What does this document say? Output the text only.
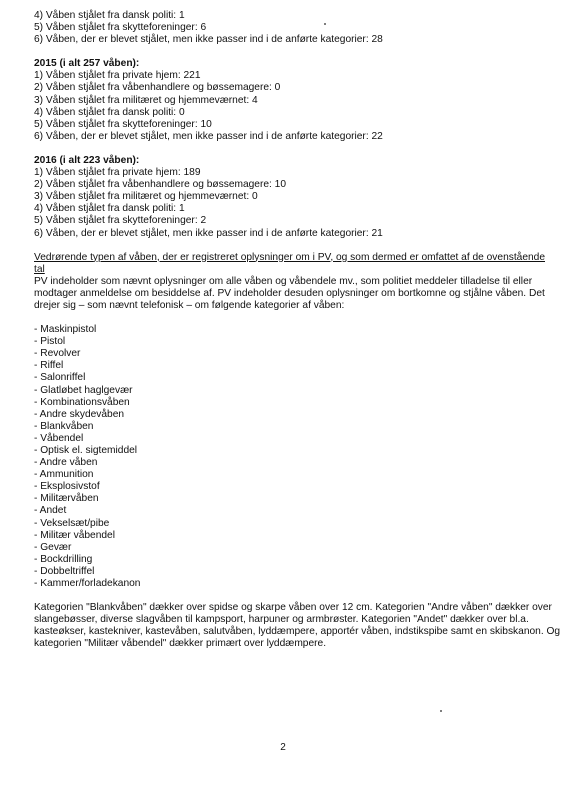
4) Våben stjålet fra dansk politi: 1
5) Våben stjålet fra skytteforeninger: 6
6) Våben, der er blevet stjålet, men ikke passer ind i de anførte kategorier: 28
2015 (i alt 257 våben):
1) Våben stjålet fra private hjem: 221
2) Våben stjålet fra våbenhandlere og bøssemagere: 0
3) Våben stjålet fra militæret og hjemmeværnet: 4
4) Våben stjålet fra dansk politi: 0
5) Våben stjålet fra skytteforeninger: 10
6) Våben, der er blevet stjålet, men ikke passer ind i de anførte kategorier: 22
2016 (i alt 223 våben):
1) Våben stjålet fra private hjem: 189
2) Våben stjålet fra våbenhandlere og bøssemagere: 10
3) Våben stjålet fra militæret og hjemmeværnet: 0
4) Våben stjålet fra dansk politi: 1
5) Våben stjålet fra skytteforeninger: 2
6) Våben, der er blevet stjålet, men ikke passer ind i de anførte kategorier: 21
Vedrørende typen af våben, der er registreret oplysninger om i PV, og som dermed er omfattet af de ovenstående
tal
PV indeholder som nævnt oplysninger om alle våben og våbendele mv., som politiet meddeler tilladelse til eller
modtager anmeldelse om besiddelse af. PV indeholder desuden oplysninger om bortkomne og stjålne våben. Det
drejer sig – som nævnt telefonisk – om følgende kategorier af våben:
- Maskinpistol
- Pistol
- Revolver
- Riffel
- Salonriffel
- Glatløbet haglgevær
- Kombinationsvåben
- Andre skydevåben
- Blankvåben
- Våbendel
- Optisk el. sigtemiddel
- Andre våben
- Ammunition
- Eksplosivstof
- Militærvåben
- Andet
- Vekselsæt/pibe
- Militær våbendel
- Gevær
- Bockdrilling
- Dobbeltriffel
- Kammer/forladekanon
Kategorien "Blankvåben" dækker over spidse og skarpe våben over 12 cm. Kategorien "Andre våben" dækker over
slangebøsser, diverse slagvåben til kampsport, harpuner og armbrøster. Kategorien "Andet" dækker over bl.a.
kasteøkser, kastekniver, kastevåben, salutvåben, lyddæmpere, apportér våben, indstikspibe samt en skibskanon. Og
kategorien "Militær våbendel" dækker primært over lyddæmpere.
2
